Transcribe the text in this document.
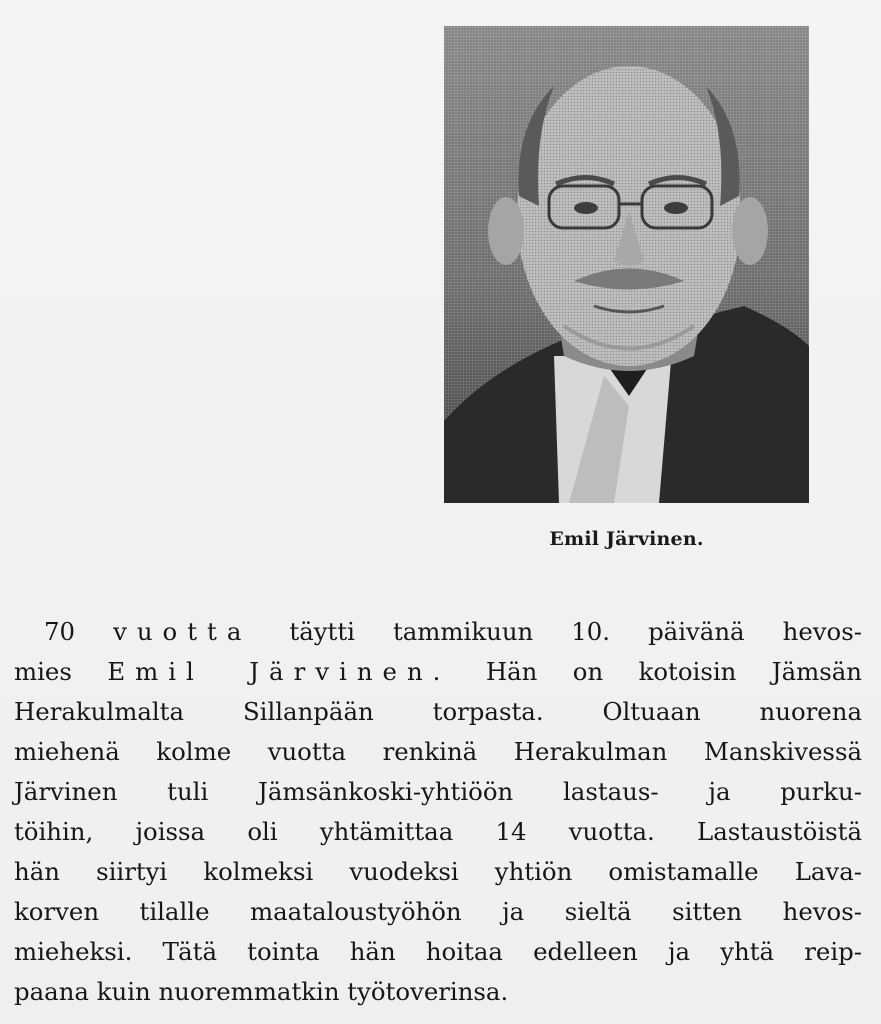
Emil Järvinen.
70 vuotta täytti tammikuun 10. päivänä hevos-
mies Emil Järvinen. Hän on kotoisin Jämsän
Herakulmalta Sillanpään torpasta. Oltuaan nuorena
miehenä kolme vuotta renkinä Herakulman Manskivessä
Järvinen tuli Jämsänkoski-yhtiöön lastaus- ja purku-
töihin, joissa oli yhtämittaa 14 vuotta. Lastaustöistä
hän siirtyi kolmeksi vuodeksi yhtiön omistamalle Lava-
korven tilalle maataloustyöhön ja sieltä sitten hevos-
mieheksi. Tätä tointa hän hoitaa edelleen ja yhtä reip-
paana kuin nuoremmatkin työtoverinsa.
